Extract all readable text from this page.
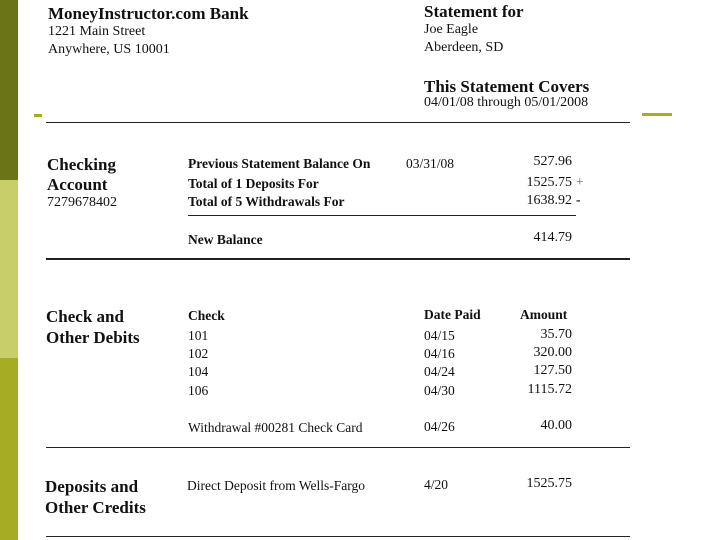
MoneyInstructor.com Bank
1221 Main Street
Anywhere, US 10001
Statement for
Joe Eagle
Aberdeen, SD
This Statement Covers
04/01/08 through 05/01/2008
Checking
Account
7279678402
Previous Statement Balance On	03/31/08	527.96
Total of 1 Deposits For	1525.75 +
Total of 5 Withdrawals For	1638.92 -
New Balance	414.79
Check and
Other Debits
Check	Date Paid	Amount
101	04/15	35.70
102	04/16	320.00
104	04/24	127.50
106	04/30	1115.72
Withdrawal #00281 Check Card	04/26	40.00
Deposits and
Other Credits
Direct Deposit from Wells-Fargo	4/20	1525.75
